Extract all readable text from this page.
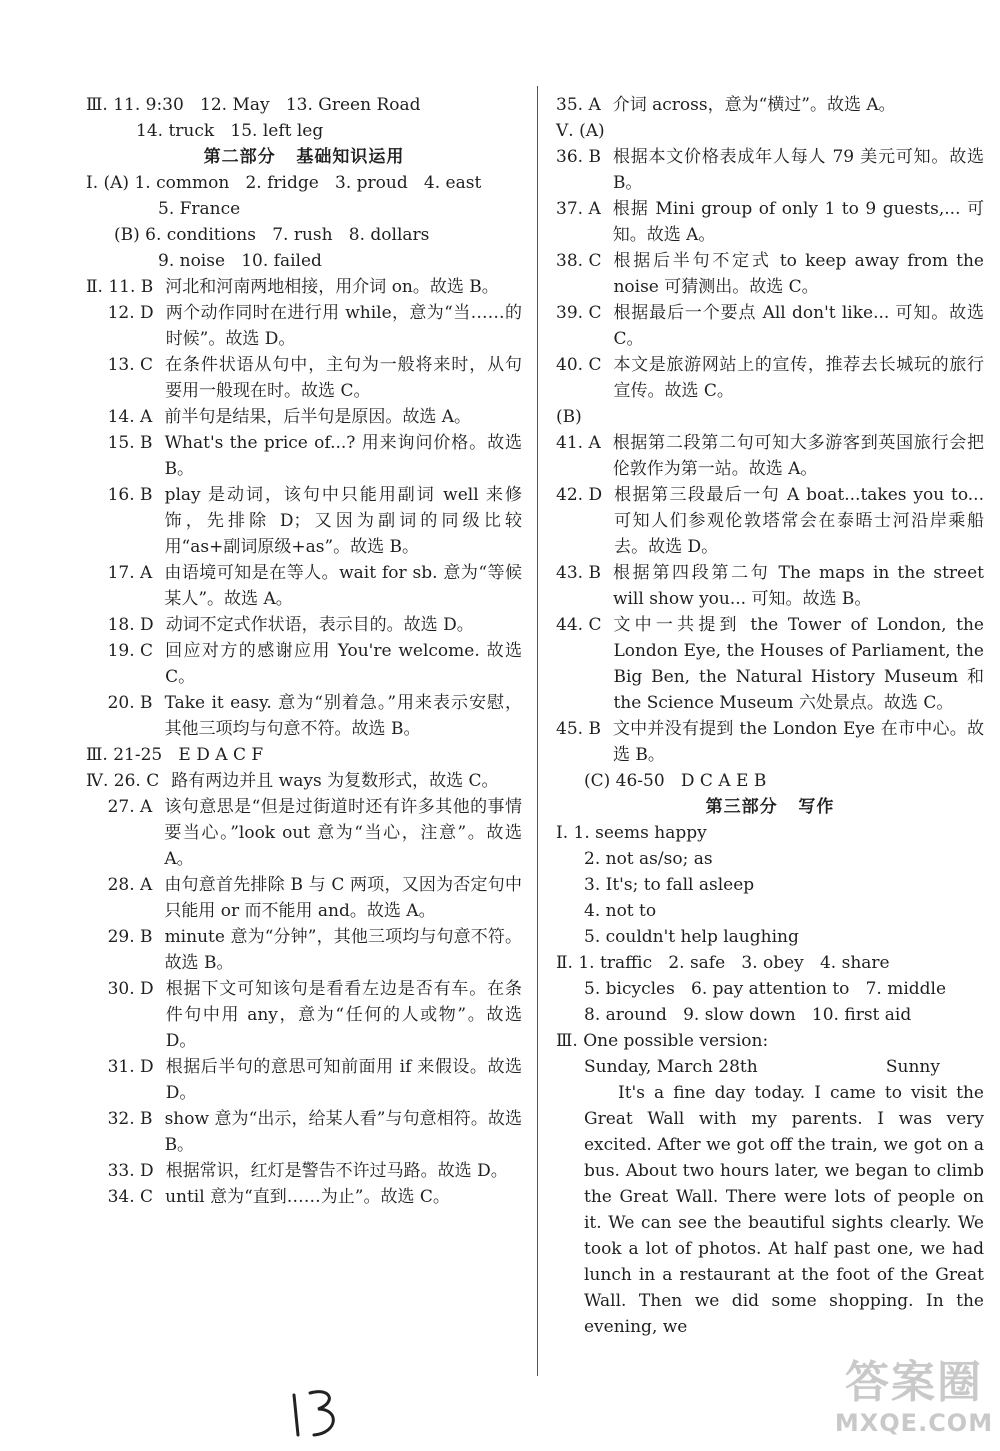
Ⅲ. 11. 9:30   12. May   13. Green Road
14. truck   15. left leg
第二部分   基础知识运用
Ⅰ. (A) 1. common   2. fridge   3. proud   4. east
5. France
(B) 6. conditions   7. rush   8. dollars
9. noise   10. failed
Ⅱ. 11. B 河北和河南两地相接，用介词 on。故选 B。
12. D 两个动作同时在进行用 while，意为“当……的时候”。故选 D。
13. C 在条件状语从句中，主句为一般将来时，从句要用一般现在时。故选 C。
14. A 前半句是结果，后半句是原因。故选 A。
15. B What's the price of...? 用来询问价格。故选 B。
16. B play 是动词，该句中只能用副词 well 来修饰，先排除 D；又因为副词的同级比较用“as+副词原级+as”。故选 B。
17. A 由语境可知是在等人。wait for sb. 意为“等候某人”。故选 A。
18. D 动词不定式作状语，表示目的。故选 D。
19. C 回应对方的感谢应用 You're welcome. 故选 C。
20. B Take it easy. 意为“别着急。”用来表示安慰，其他三项均与句意不符。故选 B。
Ⅲ. 21-25   E D A C F
Ⅳ. 26. C 路有两边并且 ways 为复数形式，故选 C。
27. A 该句意思是“但是过街道时还有许多其他的事情要当心。”look out 意为“当心，注意”。故选 A。
28. A 由句意首先排除 B 与 C 两项，又因为否定句中只能用 or 而不能用 and。故选 A。
29. B minute 意为“分钟”，其他三项均与句意不符。故选 B。
30. D 根据下文可知该句是看看左边是否有车。在条件句中用 any，意为“任何的人或物”。故选 D。
31. D 根据后半句的意思可知前面用 if 来假设。故选 D。
32. B show 意为“出示，给某人看”与句意相符。故选 B。
33. D 根据常识，红灯是警告不许过马路。故选 D。
34. C until 意为“直到……为止”。故选 C。
35. A 介词 across，意为“横过”。故选 A。
Ⅴ. (A)
36. B 根据本文价格表成年人每人 79 美元可知。故选 B。
37. A 根据 Mini group of only 1 to 9 guests,... 可知。故选 A。
38. C 根据后半句不定式 to keep away from the noise 可猜测出。故选 C。
39. C 根据最后一个要点 All don't like... 可知。故选 C。
40. C 本文是旅游网站上的宣传，推荐去长城玩的旅行宣传。故选 C。
(B)
41. A 根据第二段第二句可知大多游客到英国旅行会把伦敦作为第一站。故选 A。
42. D 根据第三段最后一句 A boat...takes you to... 可知人们参观伦敦塔常会在泰晤士河沿岸乘船去。故选 D。
43. B 根据第四段第二句 The maps in the street will show you... 可知。故选 B。
44. C 文中一共提到 the Tower of London, the London Eye, the Houses of Parliament, the Big Ben, the Natural History Museum 和 the Science Museum 六处景点。故选 C。
45. B 文中并没有提到 the London Eye 在市中心。故选 B。
(C) 46-50   D C A E B
第三部分   写作
Ⅰ. 1. seems happy
2. not as/so; as
3. It's; to fall asleep
4. not to
5. couldn't help laughing
Ⅱ. 1. traffic   2. safe   3. obey   4. share
5. bicycles   6. pay attention to   7. middle
8. around   9. slow down   10. first aid
Ⅲ. One possible version:
Sunday, March 28th	Sunny
It's a fine day today. I came to visit the Great Wall with my parents. I was very excited. After we got off the train, we got on a bus. About two hours later, we began to climb the Great Wall. There were lots of people on it. We can see the beautiful sights clearly. We took a lot of photos. At half past one, we had lunch in a restaurant at the foot of the Great Wall. Then we did some shopping. In the evening, we
答案圈
MXQE.COM
